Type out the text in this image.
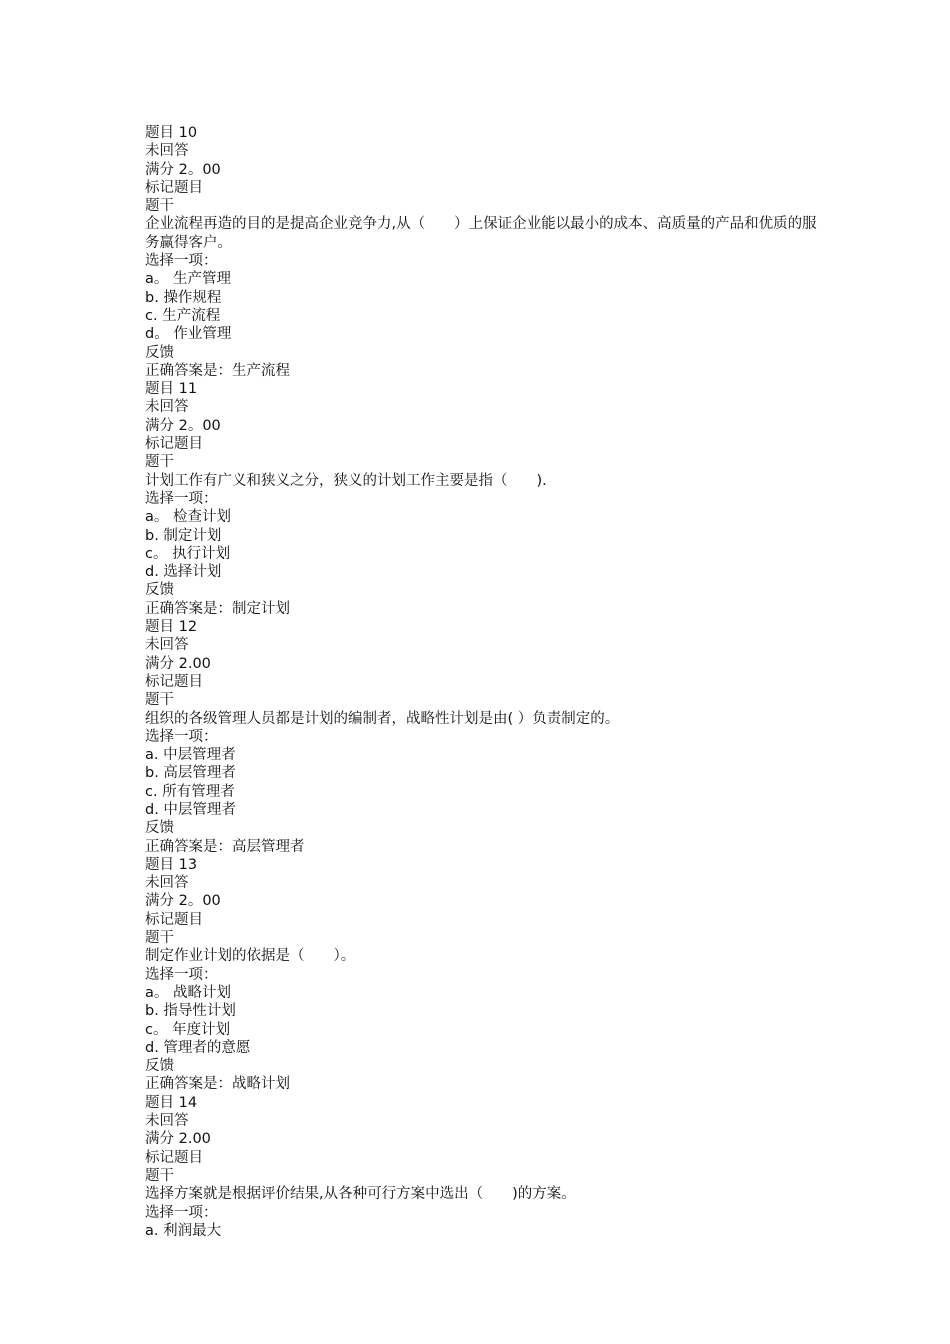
题目 10
未回答
满分 2。00
标记题目
题干
企业流程再造的目的是提高企业竞争力,从（　　）上保证企业能以最小的成本、高质量的产品和优质的服务赢得客户。
选择一项：
a。 生产管理
b. 操作规程
c. 生产流程
d。 作业管理
反馈
正确答案是：生产流程
题目 11
未回答
满分 2。00
标记题目
题干
计划工作有广义和狭义之分，狭义的计划工作主要是指（　　).
选择一项：
a。 检查计划
b. 制定计划
c。 执行计划
d. 选择计划
反馈
正确答案是：制定计划
题目 12
未回答
满分 2.00
标记题目
题干
组织的各级管理人员都是计划的编制者，战略性计划是由( ）负责制定的。
选择一项：
a. 中层管理者
b. 高层管理者
c. 所有管理者
d. 中层管理者
反馈
正确答案是：高层管理者
题目 13
未回答
满分 2。00
标记题目
题干
制定作业计划的依据是（　　）。
选择一项：
a。 战略计划
b. 指导性计划
c。 年度计划
d. 管理者的意愿
反馈
正确答案是：战略计划
题目 14
未回答
满分 2.00
标记题目
题干
选择方案就是根据评价结果,从各种可行方案中选出（　　)的方案。
选择一项：
a. 利润最大
